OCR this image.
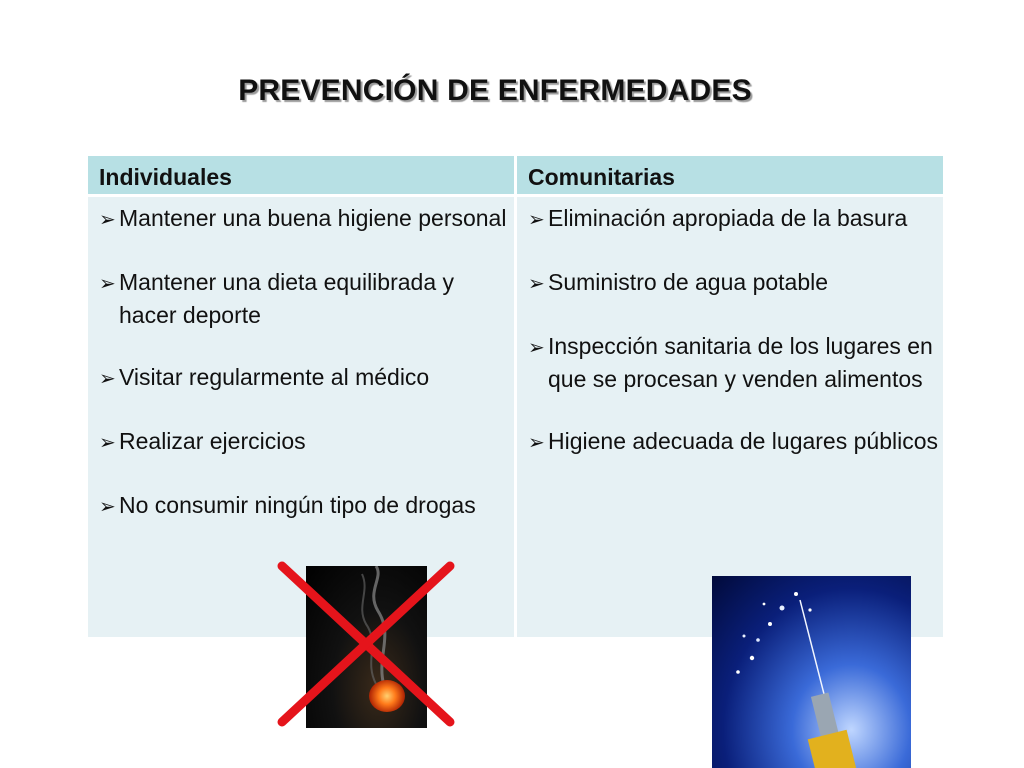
PREVENCIÓN DE ENFERMEDADES
Individuales
➢ Mantener una buena higiene personal
➢ Mantener una dieta equilibrada y hacer deporte
➢ Visitar regularmente al médico
➢ Realizar ejercicios
➢ No consumir ningún tipo de drogas
Comunitarias
➢ Eliminación apropiada de la basura
➢ Suministro de agua potable
➢ Inspección sanitaria de los lugares en que se procesan y venden alimentos
➢ Higiene adecuada de lugares públicos
